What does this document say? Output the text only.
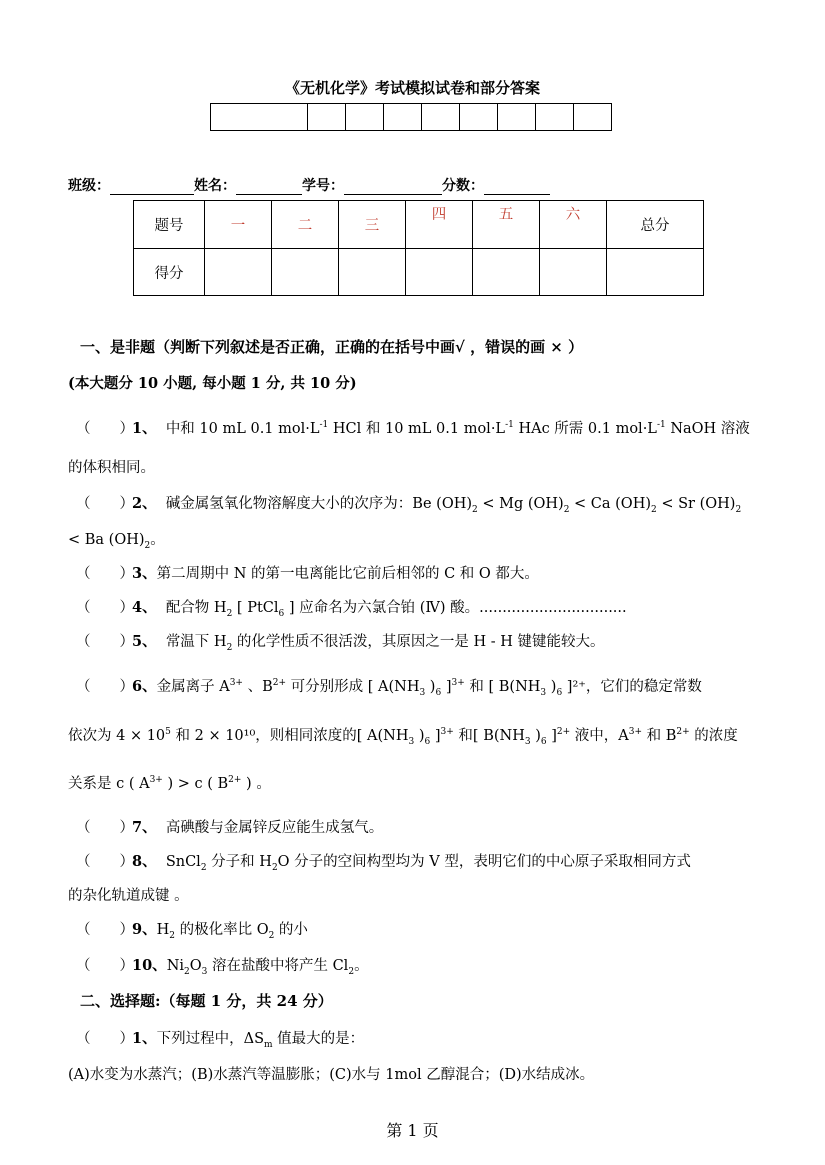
《无机化学》考试模拟试卷和部分答案

班级：	姓名：	学号：	分数：
题号	一	二	三	四	五	六	总分
得分							
一、是非题（判断下列叙述是否正确，正确的在括号中画√ ，错误的画 × ）
(本大题分 10 小题, 每小题 1 分, 共 10 分)
（　　）1、 中和 10 mL 0.1 $mol\cdot L^{-1}$ HCl 和 10 mL 0.1 $mol\cdot L^{-1}$ HAc 所需 0.1 $mol\cdot L^{-1}$ NaOH 溶液
的体积相同。
（　　）2、 碱金属氢氧化物溶解度大小的次序为：Be $(OH)_2 < Mg$ $(OH)_2 < Ca$ $(OH)_2 < Sr$ $(OH)_2$
< Ba $(OH)_2$。
（　　）3、第二周期中 N 的第一电离能比它前后相邻的 C 和 O 都大。
（　　）4、 配合物 $H_2$ [ PtCl$_6$ ] 应命名为六氯合铂 (Ⅳ) 酸。................................
（　　）5、 常温下 $H_2$ 的化学性质不很活泼，其原因之一是 H - H 键键能较大。
（　　）6、金属离子 $A^{3+}$ 、$B^{2+}$ 可分别形成 [ $A(NH_3$ )$_6$ ]$^{3+}$ 和 [ $B(NH_3$ )$_6$ ]²⁺，它们的稳定常数
依次为 $4 \times 10^5$ 和 2 × 10¹⁰，则相同浓度的[ $A(NH_3$ )$_6$ ]$^{3+}$ 和[ $B(NH_3$ )$_6$ ]$^{2+}$ 液中，$A^{3+}$ 和 $B^{2+}$ 的浓度
关系是 c ( $A^{3+}$ ) > c ( $B^{2+}$ ) 。
（　　）7、 高碘酸与金属锌反应能生成氢气。
（　　）8、 SnCl$_2$ 分子和 $H_2O$ 分子的空间构型均为 V 型，表明它们的中心原子采取相同方式
的杂化轨道成键 。
（　　）9、$H_2$ 的极化率比 $O_2$ 的小
（　　）10、$Ni_2O_3$ 溶在盐酸中将产生 $Cl_2$。
二、选择题:（每题 1 分，共 24 分）
（　　）1、下列过程中，$\Delta S_m$ 值最大的是：
(A)水变为水蒸汽；(B)水蒸汽等温膨胀；(C)水与 1mol 乙醇混合；(D)水结成冰。
第 1 页
